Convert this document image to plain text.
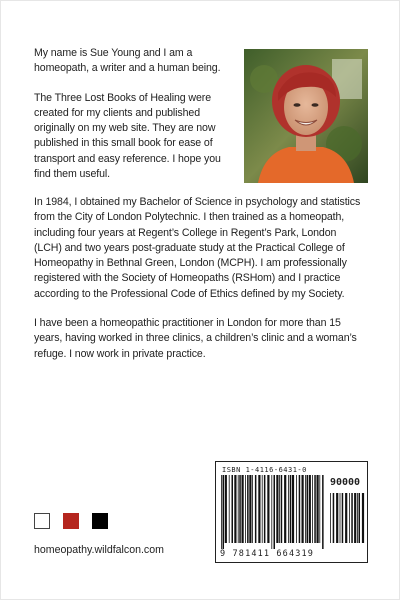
My name is Sue Young and I am a homeopath, a writer and a human being.

The Three Lost Books of Healing were created for my clients and published originally on my web site. They are now published in this small book for ease of transport and easy reference. I hope you find them useful.

In 1984, I obtained my Bachelor of Science in psychology and statistics from the City of London Polytechnic. I then trained as a homeopath, including four years at Regent’s College in Regent’s Park, London (LCH) and two years post-graduate study at the Practical College of Homeopathy in Bethnal Green, London (MCPH). I am professionally registered with the Society of Homeopaths (RSHom) and I practice according to the Professional Code of Ethics defined by my Society.

I have been a homeopathic practitioner in London for more than 15 years, having worked in three clinics, a children’s clinic and a woman’s refuge. I now work in private practice.

homeopathy.wildfalcon.com
ISBN 1-4116-6431-0
90000
9 781411 664319
